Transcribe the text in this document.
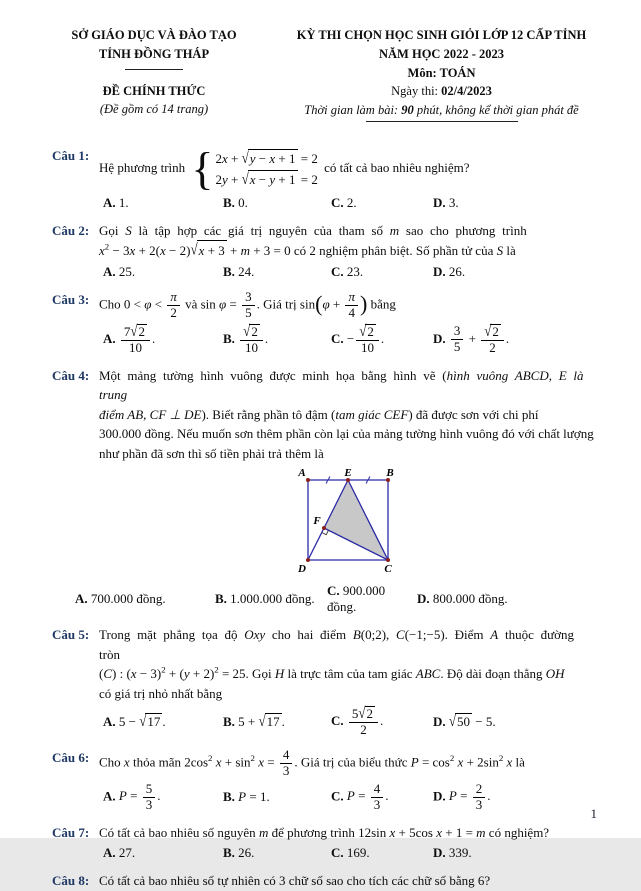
SỞ GIÁO DỤC VÀ ĐÀO TẠO
TỈNH ĐỒNG THÁP
ĐỀ CHÍNH THỨC
(Đề gồm có 14 trang)
KỲ THI CHỌN HỌC SINH GIỎI LỚP 12 CẤP TỈNH
NĂM HỌC 2022 - 2023
Môn: TOÁN
Ngày thi: 02/4/2023
Thời gian làm bài: 90 phút, không kể thời gian phát đề
Câu 1:
Hệ phương trình { 2x + √y − x + 1 = 2
2y + √x − y + 1 = 2
có tất cả bao nhiêu nghiệm?
A. 1.	B. 0.	C. 2.	D. 3.
Câu 2: Gọi S là tập hợp các giá trị nguyên của tham số m sao cho phương trình
$x^2 - 3x + 2(x - 2)√x + 3 + m + 3 = 0$ có 2 nghiệm phân biệt. Số phần tử của S là
A. 25.	B. 24.	C. 23.	D. 26.
Câu 3: Cho $0 < \varphi < \frac{\pi}{2}$ và $\sin \varphi = \frac{3}{5}$ . Giá trị $\sin(\varphi + \frac{\pi}{4}$ ) bằng
A. $\frac{7√2}{10}$ .	B. $\frac{√2}{10}$ .	C. − $\frac{√2}{10}$ .	D. $\frac{3}{5} + \frac{√2}{2}$ .
Câu 4: Một mảng tường hình vuông được minh họa bằng hình vẽ (hình vuông ABCD, E là trung
điểm AB, CF ⊥ DE). Biết rằng phần tô đậm (tam giác CEF) đã được sơn với chi phí
300.000 đồng. Nếu muốn sơn thêm phần còn lại của mảng tường hình vuông đó với chất lượng
như phần đã sơn thì số tiền phải trả thêm là
A	E	B
F
D	C
A. 700.000 đồng.	B. 1.000.000 đồng.
C. 900.000 đồng.
D. 800.000 đồng.
Câu 5: Trong mặt phẳng tọa độ Oxy cho hai điểm B(0;2), C(−1;−5). Điểm A thuộc đường tròn
(C) : $(x - 3)^2 + (y + 2)^2 = 25$. Gọi H là trực tâm của tam giác ABC. Độ dài đoạn thẳng OH
có giá trị nhỏ nhất bằng
A. 5 − √17 .	B. 5 + √17 .	C. $\frac{5√2}{2}$ .	D. √50 − 5.
Câu 6: Cho x thỏa mãn $2\cos^2$ $x + \sin^2 x = \frac{4}{3}$ . Giá trị của biểu thức $P = \cos^2 x + 2\sin^2$ x là
A. $P = \frac{5}{3}$ .	B. P = 1.	C. $P = \frac{4}{3}$ .	D. $P = \frac{2}{3}$ .
Câu 7: Có tất cả bao nhiêu số nguyên m để phương trình 12sin x + 5cos x + 1 = m có nghiệm?
A. 27.	B. 26.	C. 169.	D. 339.
Câu 8: Có tất cả bao nhiêu số tự nhiên có 3 chữ số sao cho tích các chữ số bằng 6?
1
